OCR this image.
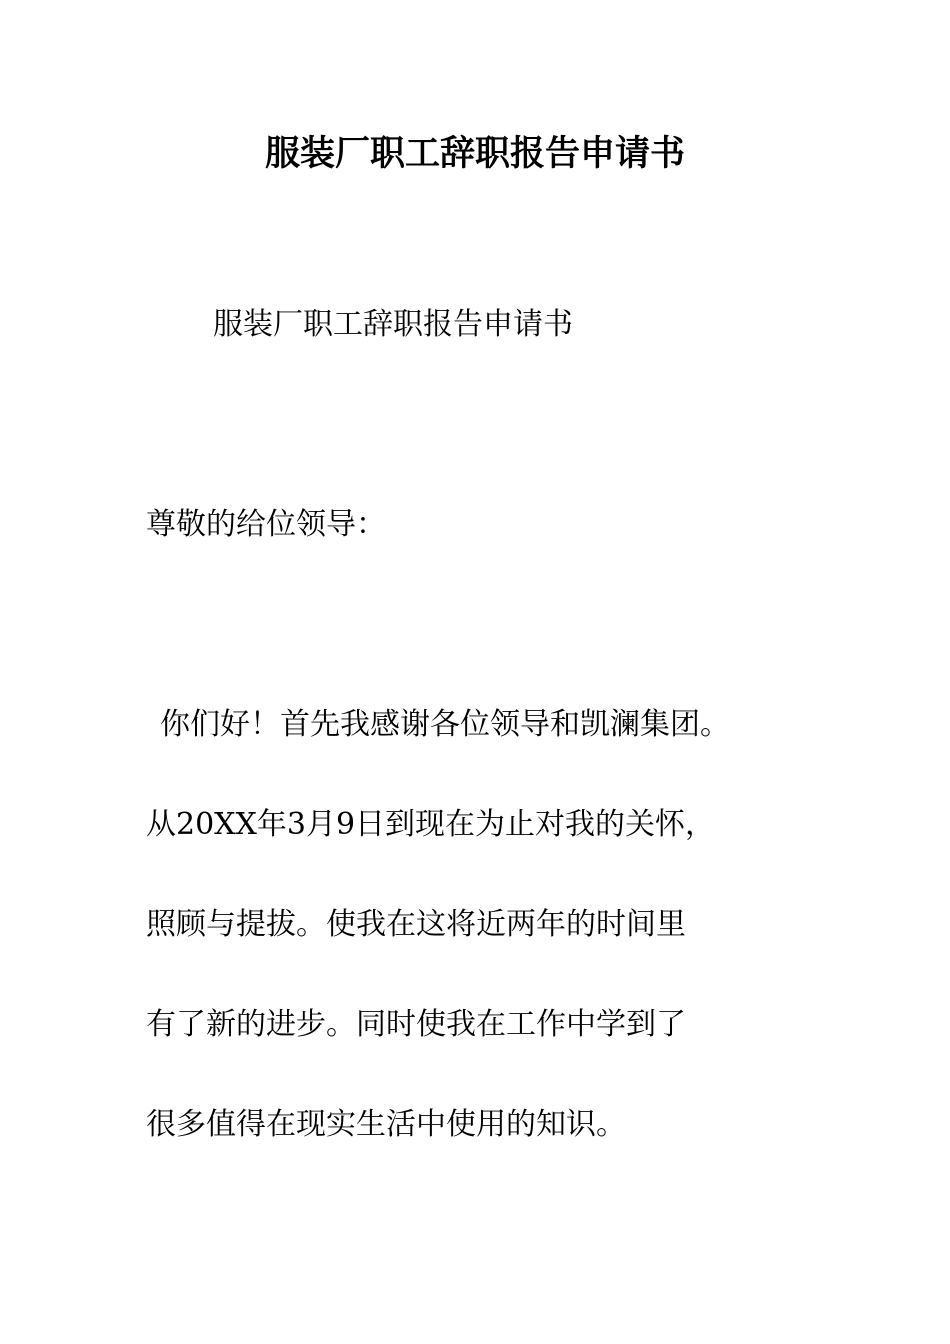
服装厂职工辞职报告申请书
服装厂职工辞职报告申请书
尊敬的给位领导：
你们好！首先我感谢各位领导和凯澜集团。
从20XX年3月9日到现在为止对我的关怀，
照顾与提拔。使我在这将近两年的时间里
有了新的进步。同时使我在工作中学到了
很多值得在现实生活中使用的知识。
